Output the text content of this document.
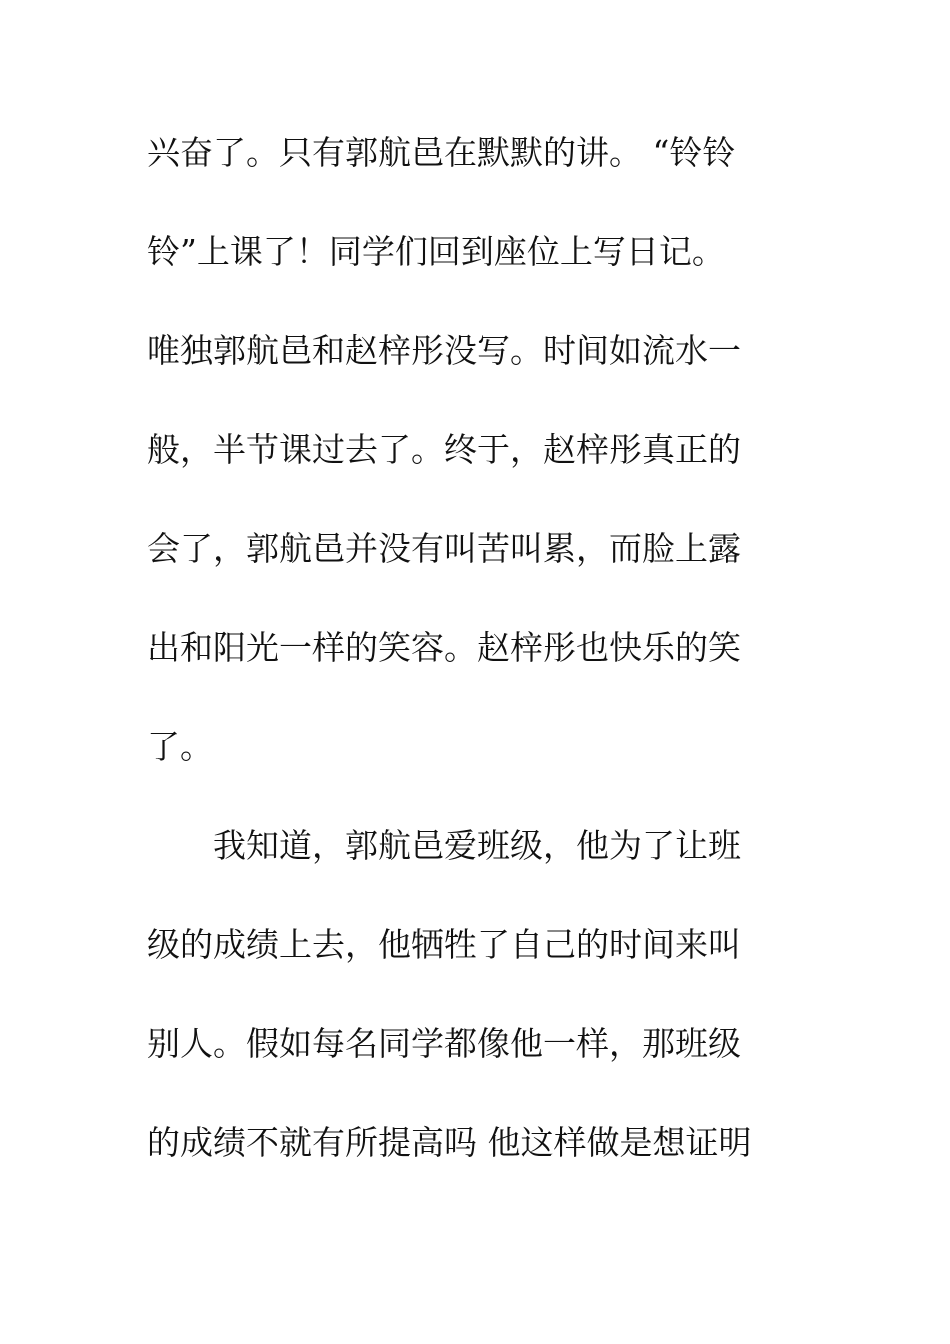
兴奋了。只有郭航邑在默默的讲。 “铃铃
铃”上课了！同学们回到座位上写日记。
唯独郭航邑和赵梓彤没写。时间如流水一
般，半节课过去了。终于，赵梓彤真正的
会了，郭航邑并没有叫苦叫累，而脸上露
出和阳光一样的笑容。赵梓彤也快乐的笑
了。
我知道，郭航邑爱班级，他为了让班
级的成绩上去，他牺牲了自己的时间来叫
别人。假如每名同学都像他一样，那班级
的成绩不就有所提高吗 他这样做是想证明
